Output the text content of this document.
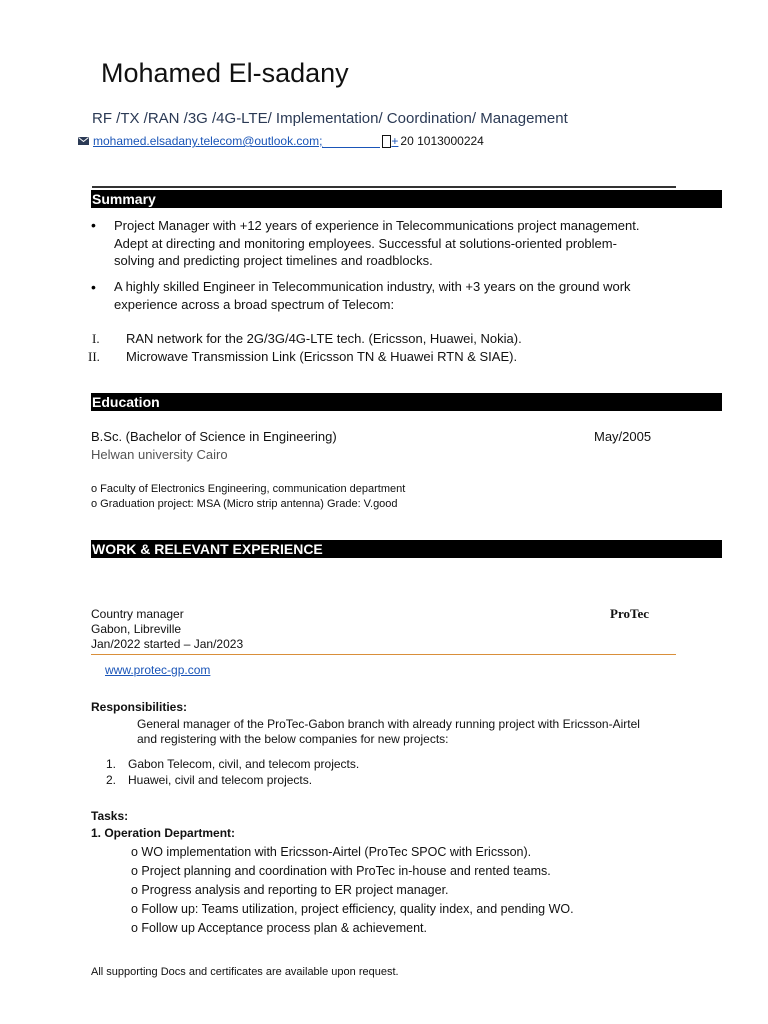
Mohamed El-sadany
RF /TX /RAN /3G /4G-LTE/ Implementation/ Coordination/ Management
mohamed.elsadany.telecom@outlook.com;	+ 20 1013000224
Summary
• Project Manager with +12 years of experience in Telecommunications project management. Adept at directing and monitoring employees. Successful at solutions-oriented problem-solving and predicting project timelines and roadblocks.
• A highly skilled Engineer in Telecommunication industry, with +3 years on the ground work experience across a broad spectrum of Telecom:
I. RAN network for the 2G/3G/4G-LTE tech. (Ericsson, Huawei, Nokia).
II. Microwave Transmission Link (Ericsson TN & Huawei RTN & SIAE).
Education
B.Sc. (Bachelor of Science in Engineering)	May/2005
Helwan university Cairo
o Faculty of Electronics Engineering, communication department
o Graduation project: MSA (Micro strip antenna) Grade: V.good
WORK & RELEVANT EXPERIENCE
Country manager	ProTec
Gabon, Libreville
Jan/2022 started – Jan/2023
www.protec-gp.com
Responsibilities:
General manager of the ProTec-Gabon branch with already running project with Ericsson-Airtel and registering with the below companies for new projects:
1. Gabon Telecom, civil, and telecom projects.
2. Huawei, civil and telecom projects.
Tasks:
1. Operation Department:
o WO implementation with Ericsson-Airtel (ProTec SPOC with Ericsson).
o Project planning and coordination with ProTec in-house and rented teams.
o Progress analysis and reporting to ER project manager.
o Follow up: Teams utilization, project efficiency, quality index, and pending WO.
o Follow up Acceptance process plan & achievement.
All supporting Docs and certificates are available upon request.
